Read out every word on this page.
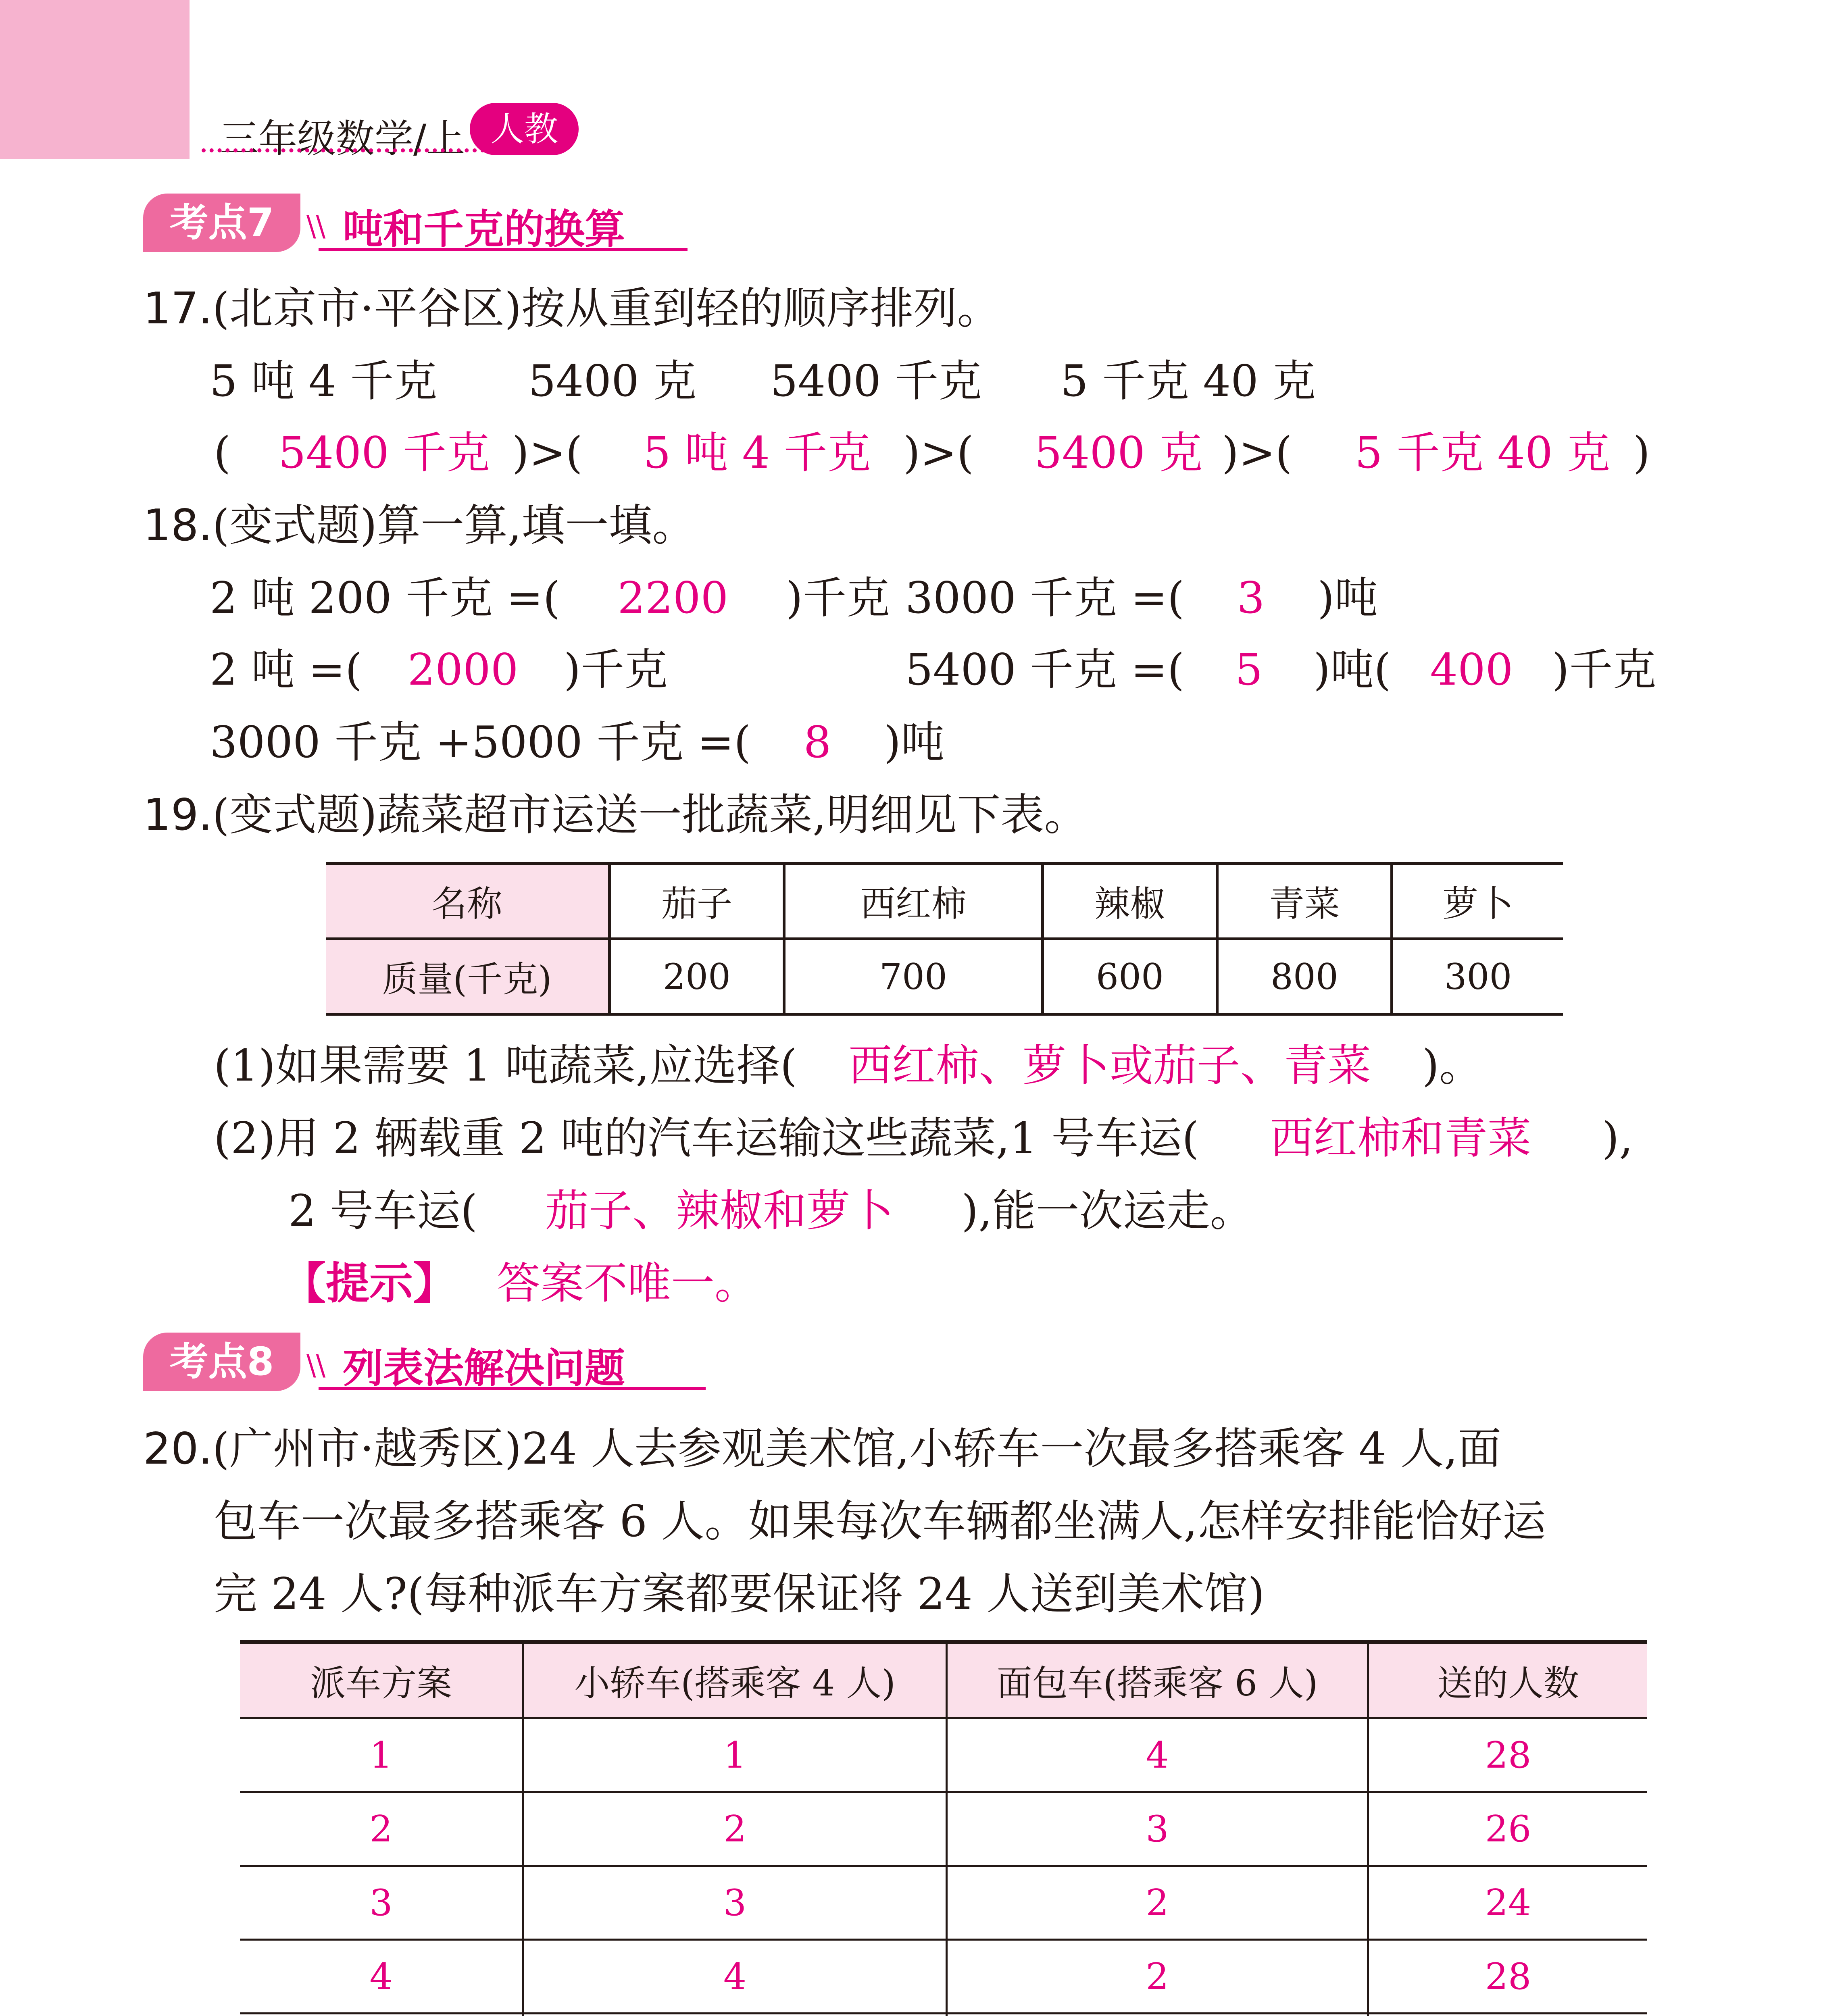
三年级数学/上 人教
考点7	\\ 吨和千克的换算
17.(北京市·平谷区)按从重到轻的顺序排列。
5 吨 4 千克 5400 克 5400 千克 5 千克 40 克
( 5400 千克 )>( 5 吨 4 千克 )>( 5400 克 )>( 5 千克 40 克 )
18.(变式题)算一算,填一填。
2 吨 200 千克 =( 2200 )千克 3000 千克 =( 3 )吨
2 吨 =( 2000 )千克	5400 千克 =( 5 )吨( 400 )千克
3000 千克 +5000 千克 =( 8 )吨
19.(变式题)蔬菜超市运送一批蔬菜,明细见下表。
名称	茄子	西红柿	辣椒	青菜	萝卜
质量(千克)	200	700	600	800	300
(1)如果需要 1 吨蔬菜,应选择( 西红柿、萝卜或茄子、青菜 )。
(2)用 2 辆载重 2 吨的汽车运输这些蔬菜,1 号车运( 西红柿和青菜 ),
2 号车运( 茄子、辣椒和萝卜 ),能一次运走。
【提示】 答案不唯一。
考点8	\\ 列表法解决问题
20.(广州市·越秀区)24 人去参观美术馆,小轿车一次最多搭乘客 4 人,面
包车一次最多搭乘客 6 人。如果每次车辆都坐满人,怎样安排能恰好运
完 24 人?(每种派车方案都要保证将 24 人送到美术馆)
派车方案	小轿车(搭乘客 4 人)	面包车(搭乘客 6 人)	送的人数
1	1	4	28
2	2	3	26
3	3	2	24
4	4	2	28
